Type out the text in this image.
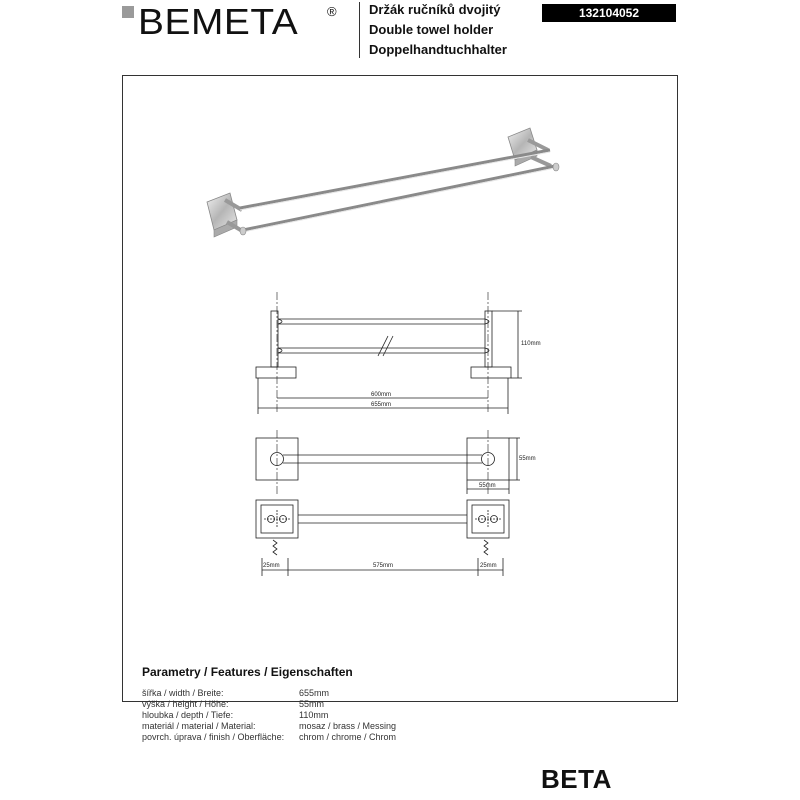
BEMETA ® Držák ručníků dvojitý
Double towel holder
Doppelhandtuchhalter
132104052
110mm
600mm
655mm
55mm
55mm
25mm	575mm	25mm
Parametry / Features / Eigenschaften
šířka / width / Breite:	655mm
výška / height / Höhe:	55mm
hloubka / depth / Tiefe:	110mm
materiál / material / Material:	mosaz / brass / Messing
povrch. úprava / finish / Oberfläche:	chrom / chrome / Chrom
BETA
